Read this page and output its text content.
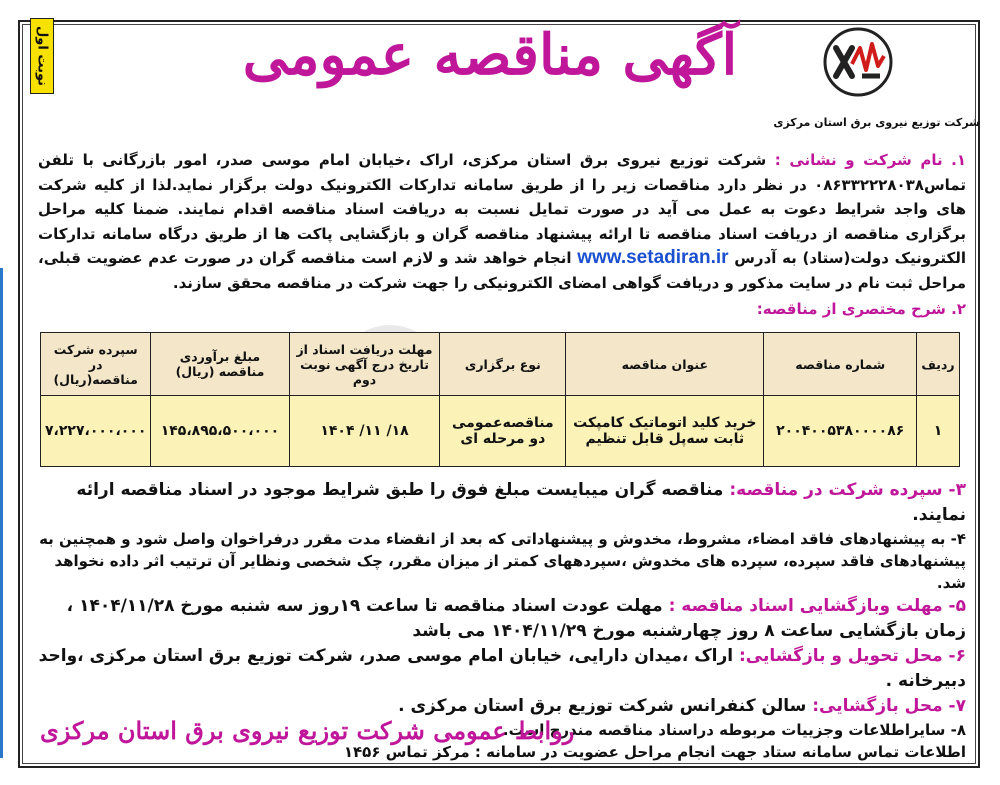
نوبت اول	آگهی مناقصه عمومی
شرکت توزیع نیروی برق استان مرکزی
۱. نام شرکت و نشانی : شرکت توزیع نیروی برق استان مرکزی، اراک ،خیابان امام موسی صدر، امور بازرگانی با تلفن تماس۰۸۶۳۳۲۲۲۸۰۳۸ در نظر دارد مناقصات زیر را از طریق سامانه تدارکات الکترونیک دولت برگزار نماید.لذا از کلیه شرکت های واجد شرایط دعوت به عمل می آید در صورت تمایل نسبت به دریافت اسناد مناقصه اقدام نمایند. ضمنا کلیه مراحل برگزاری مناقصه از دریافت اسناد مناقصه تا ارائه پیشنهاد مناقصه گران و بازگشایی پاکت ها از طریق درگاه سامانه تدارکات الکترونیک دولت(ستاد) به آدرس www.setadiran.ir انجام خواهد شد و لازم است مناقصه گران در صورت عدم عضویت قبلی، مراحل ثبت نام در سایت مذکور و دریافت گواهی امضای الکترونیکی را جهت شرکت در مناقصه محقق سازند.
۲. شرح مختصری از مناقصه:
ردیف	شماره مناقصه	عنوان مناقصه	نوع برگزاری	مهلت دریافت اسناد از تاریخ درج آگهی نوبت دوم	مبلغ برآوردی مناقصه (ریال)	سپرده شرکت در مناقصه(ریال)
۱	۲۰۰۴۰۰۵۳۸۰۰۰۰۸۶	خرید کلید اتوماتیک کامپکت ثابت سه‌پل قابل تنظیم	مناقصه‌عمومی دو مرحله ای	۱۸/ ۱۱/ ۱۴۰۴	۱۴۵،۸۹۵،۵۰۰،۰۰۰	۷،۲۲۷،۰۰۰،۰۰۰
۳- سپرده شرکت در مناقصه: مناقصه گران میبایست مبلغ فوق را طبق شرایط موجود در اسناد مناقصه ارائه نمایند.
۴- به پیشنهادهای فاقد امضاء، مشروط، مخدوش و پیشنهاداتی که بعد از انقضاء مدت مقرر درفراخوان واصل شود و همچنین به پیشنهادهای فاقد سپرده، سپرده های مخدوش ،سپردههای کمتر از میزان مقرر، چک شخصی ونظایر آن ترتیب اثر داده نخواهد شد.
۵- مهلت وبازگشایی اسناد مناقصه : مهلت عودت اسناد مناقصه تا ساعت ۱۹روز سه شنبه مورخ ۱۴۰۴/۱۱/۲۸ ، زمان بازگشایی ساعت ۸ روز چهارشنبه مورخ ۱۴۰۴/۱۱/۲۹ می باشد
۶- محل تحویل و بازگشایی: اراک ،میدان دارایی، خیابان امام موسی صدر، شرکت توزیع برق استان مرکزی ،واحد دبیرخانه .
۷- محل بازگشایی: سالن کنفرانس شرکت توزیع برق استان مرکزی .
۸- سایراطلاعات وجزییات مربوطه دراسناد مناقصه مندرج است.
اطلاعات تماس سامانه ستاد جهت انجام مراحل عضویت در سامانه : مرکز تماس ۱۴۵۶
روابط عمومی شرکت توزیع نیروی برق استان مرکزی
